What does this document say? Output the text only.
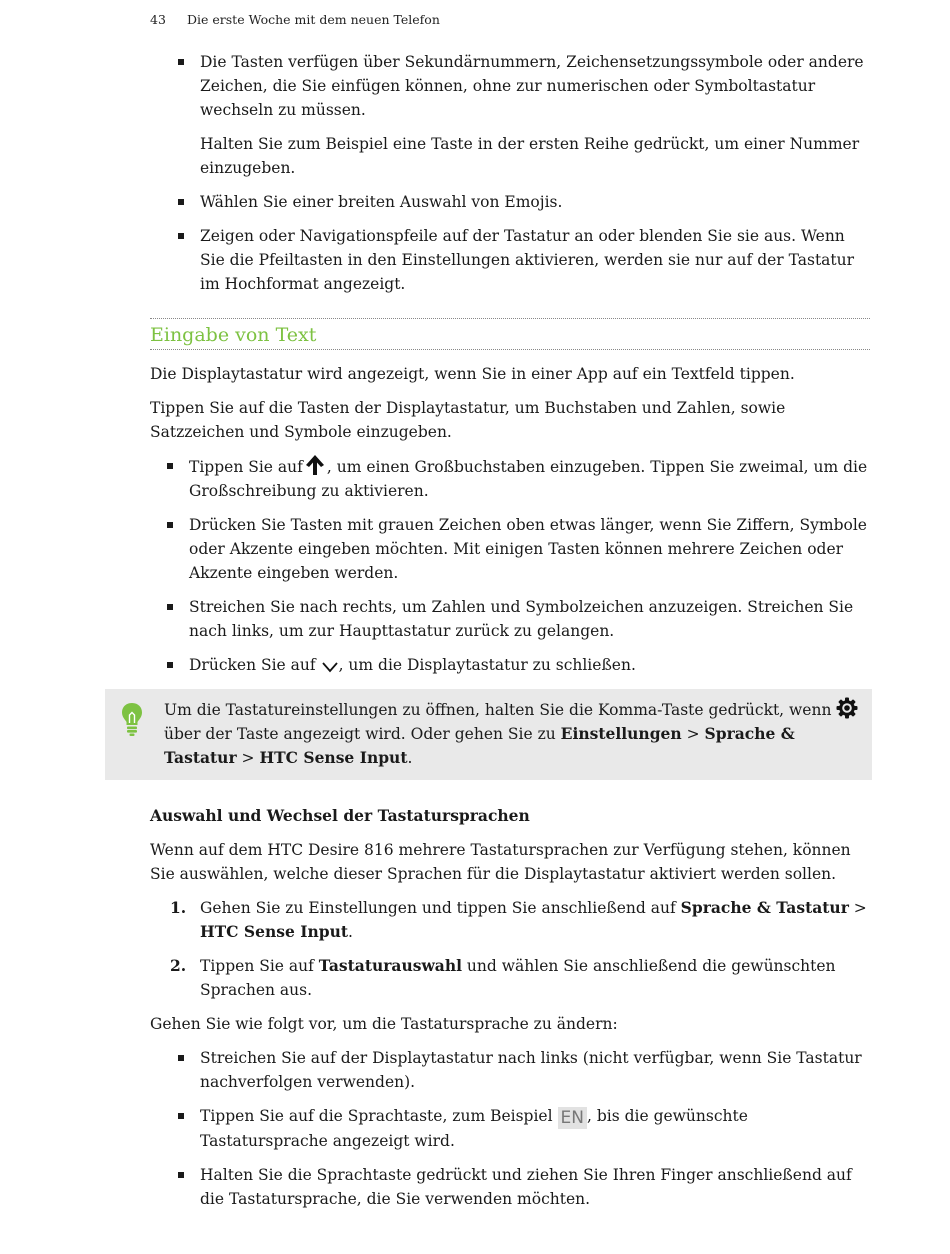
43 Die erste Woche mit dem neuen Telefon
Die Tasten verfügen über Sekundärnummern, Zeichensetzungssymbole oder andere Zeichen, die Sie einfügen können, ohne zur numerischen oder Symboltastatur wechseln zu müssen.

Halten Sie zum Beispiel eine Taste in der ersten Reihe gedrückt, um einer Nummer einzugeben.

Wählen Sie einer breiten Auswahl von Emojis.
Zeigen oder Navigationspfeile auf der Tastatur an oder blenden Sie sie aus. Wenn Sie die Pfeiltasten in den Einstellungen aktivieren, werden sie nur auf der Tastatur im Hochformat angezeigt.
Eingabe von Text

Die Displaytastatur wird angezeigt, wenn Sie in einer App auf ein Textfeld tippen.

Tippen Sie auf die Tasten der Displaytastatur, um Buchstaben und Zahlen, sowie Satzzeichen und Symbole einzugeben.

Tippen Sie auf , um einen Großbuchstaben einzugeben. Tippen Sie zweimal, um die Großschreibung zu aktivieren.
Drücken Sie Tasten mit grauen Zeichen oben etwas länger, wenn Sie Ziffern, Symbole oder Akzente eingeben möchten. Mit einigen Tasten können mehrere Zeichen oder Akzente eingeben werden.
Streichen Sie nach rechts, um Zahlen und Symbolzeichen anzuzeigen. Streichen Sie nach links, um zur Haupttastatur zurück zu gelangen.
Drücken Sie auf , um die Displaytastatur zu schließen.
Um die Tastatureinstellungen zu öffnen, halten Sie die Komma-Taste gedrückt, wenn  über der Taste angezeigt wird. Oder gehen Sie zu Einstellungen > Sprache & Tastatur > HTC Sense Input.
Auswahl und Wechsel der Tastatursprachen

Wenn auf dem HTC Desire 816 mehrere Tastatursprachen zur Verfügung stehen, können Sie auswählen, welche dieser Sprachen für die Displaytastatur aktiviert werden sollen.

1. Gehen Sie zu Einstellungen und tippen Sie anschließend auf Sprache & Tastatur > HTC Sense Input.
2. Tippen Sie auf Tastaturauswahl und wählen Sie anschließend die gewünschten Sprachen aus.

Gehen Sie wie folgt vor, um die Tastatursprache zu ändern:

Streichen Sie auf der Displaytastatur nach links (nicht verfügbar, wenn Sie Tastatur nachverfolgen verwenden).
Tippen Sie auf die Sprachtaste, zum Beispiel EN , bis die gewünschte Tastatursprache angezeigt wird.
Halten Sie die Sprachtaste gedrückt und ziehen Sie Ihren Finger anschließend auf die Tastatursprache, die Sie verwenden möchten.
